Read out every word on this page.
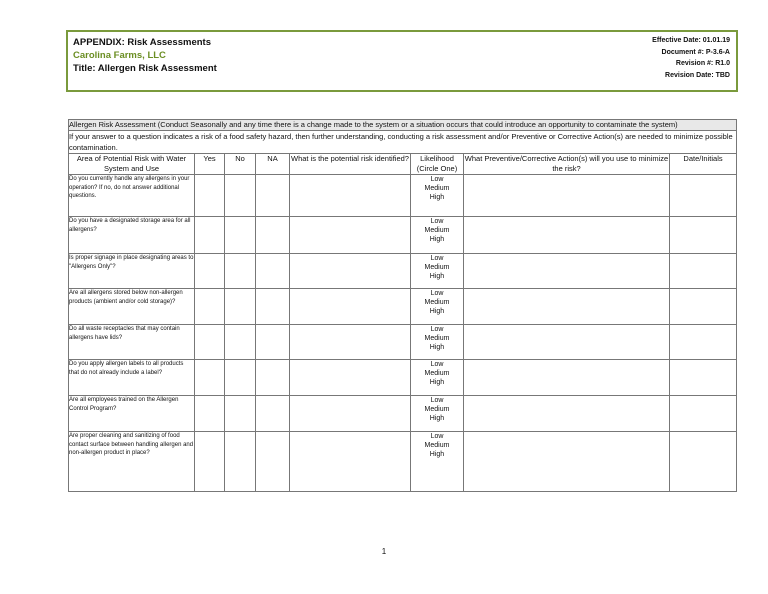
APPENDIX: Risk Assessments
Carolina Farms, LLC
Title: Allergen Risk Assessment
Effective Date: 01.01.19
Document #: P-3.6-A
Revision #: R1.0
Revision Date: TBD
Allergen Risk Assessment (Conduct Seasonally and any time there is a change made to the system or a situation occurs that could introduce an opportunity to contaminate the system)							
If your answer to a question indicates a risk of a food safety hazard, then further understanding, conducting a risk assessment and/or Preventive or Corrective Action(s) are needed to minimize possible contamination.							
Area of Potential Risk with Water System and Use	Yes	No	NA	What is the potential risk identified?	Likelihood (Circle One)	What Preventive/Corrective Action(s) will you use to minimize the risk?	Date/Initials
Do you currently handle any allergens in your operation? If no, do not answer additional questions.					Low
Medium
High		

Do you have a designated storage area for all allergens?					Low
Medium
High		

Is proper signage in place designating areas to "Allergens Only"?					Low
Medium
High		

Are all allergens stored below non-allergen products (ambient and/or cold storage)?					Low
Medium
High		

Do all waste receptacles that may contain allergens have lids?					Low
Medium
High		

Do you apply allergen labels to all products that do not already include a label?					Low
Medium
High		

Are all employees trained on the Allergen Control Program?					Low
Medium
High		

Are proper cleaning and sanitizing of food contact surface between handling allergen and non-allergen product in place?					Low
Medium
High		

1
